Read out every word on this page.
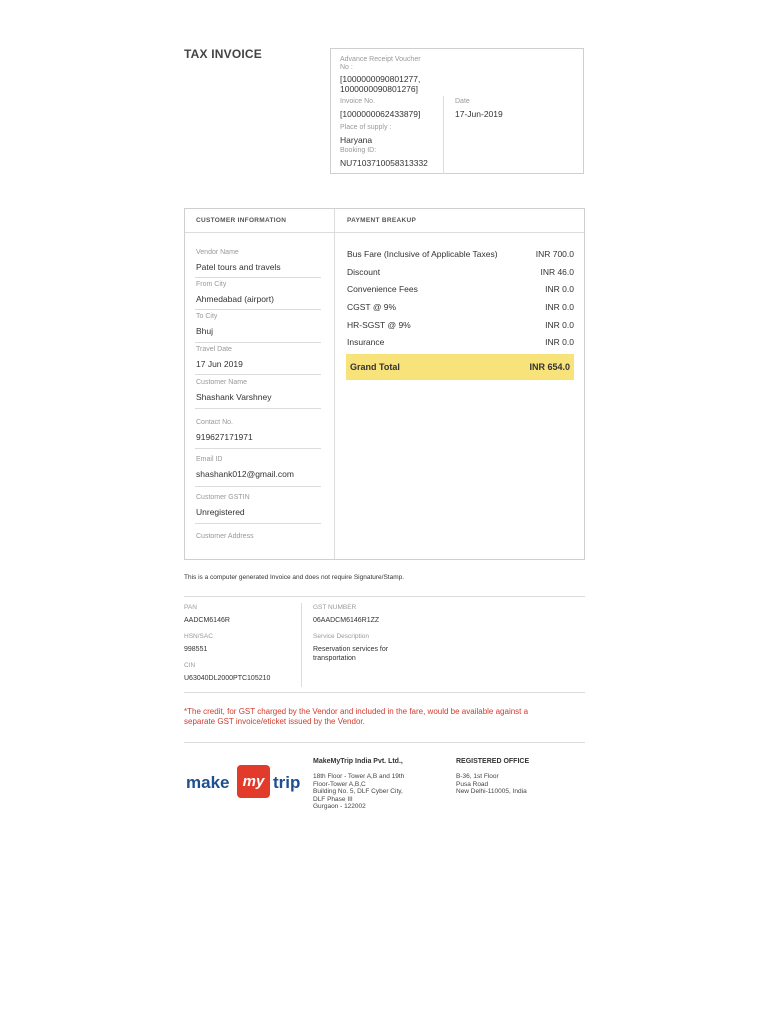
TAX INVOICE	Advance Receipt Voucher No :
[1000000090801277,
1000000090801276]
Invoice No.
[1000000062433879]
Date
17-Jun-2019
Place of supply :
Haryana
Booking ID:
NU7103710058313332
CUSTOMER INFORMATION	PAYMENT BREAKUP
Vendor Name
Patel tours and travels
From City
Ahmedabad (airport)
To City
Bhuj
Travel Date
17 Jun 2019
Customer Name
Shashank Varshney
Contact No.
919627171971
Email ID
shashank012@gmail.com
Customer GSTIN
Unregistered
Customer Address
Bus Fare (Inclusive of Applicable Taxes)	INR 700.0
Discount	INR 46.0
Convenience Fees	INR 0.0
CGST @ 9%	INR 0.0
HR-SGST @ 9%	INR 0.0
Insurance	INR 0.0
Grand Total	INR 654.0
This is a computer generated Invoice and does not require Signature/Stamp.
PAN
AADCM6146R
HSN/SAC
998551
CIN
U63040DL2000PTC105210
GST NUMBER
06AADCM6146R1ZZ
Service Description
Reservation services for
transportation
*The credit, for GST charged by the Vendor and included in the fare, would be available against a
separate GST invoice/eticket issued by the Vendor.
make my trip
MakeMyTrip India Pvt. Ltd.,
18th Floor - Tower A,B and 19th
Floor-Tower A,B,C
Building No. 5, DLF Cyber City,
DLF Phase III
Gurgaon - 122002
REGISTERED OFFICE
B-36, 1st Floor
Pusa Road
New Delhi-110005, India
